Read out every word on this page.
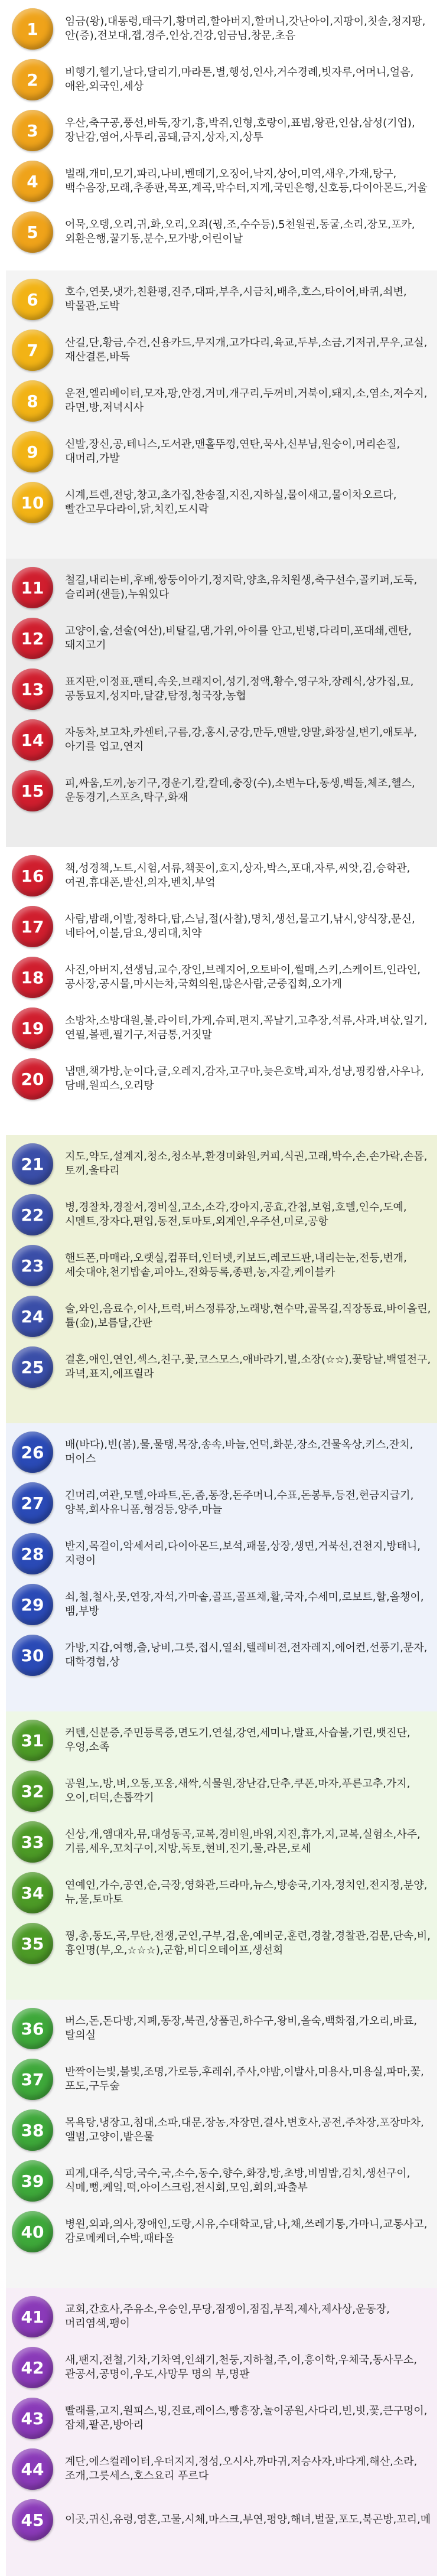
1	임금(왕),대통령,태극기,황며리,할아버지,할머니,갓난아이,지팡이,칫솔,청지팡,안(증),전보대,잽,경주,인상,건강,임금님,창문,초음
2	비행기,헬기,날다,달리기,마라톤,별,행성,인사,거수경례,빗자루,어머니,얼음,애완,외국인,세상
3	우산,축구공,풍선,바둑,장기,흉,박쥐,인형,호랑이,표범,왕관,인삼,삼성(기업),장난감,염어,사투리,곰돼,금지,상자,지,상투
4	벌래,개미,모기,파리,나비,벤데기,오징어,낙지,상어,미역,새우,가재,탕구,백수음장,모래,추종판,목포,계곡,막수터,지게,국민은행,신호등,다이아몬드,거울
5	어묵,오뎅,오리,귀,화,오리,오죄(꿩,조,수수등),5천원권,동굴,소리,장모,포카,외환은행,꿀기동,분수,모가방,어린이날
6	호수,연못,냇가,친환평,진주,대파,부추,시금치,배추,호스,타이어,바퀴,쇠변,박물관,도박
7	산길,단,황금,수건,신용카드,무지개,고가다리,육교,두부,소금,기저귀,무우,교실,재산결론,바둑
8	운전,엘리베이터,모자,팡,안경,거미,개구리,두꺼비,거북이,돼지,소,염소,저수지,라면,방,저녁시사
9	신발,장신,공,테니스,도서관,맨홀뚜껑,연탄,묵사,신부님,원숭이,머리손질,대머리,가발
10	시계,트렌,전당,창고,초가집,찬송질,지진,지하실,물이새고,물이차오르다,빨간고무다라이,닭,치킨,도시락
11	철길,내리는비,후배,쌍둥이아기,정지락,양초,유치원생,축구선수,골키퍼,도둑,슬리퍼(샌들),누워있다
12	고양이,술,선술(여산),비탈길,댐,가위,아이를 안고,빈병,다리미,포대쇄,렌탄,돼지고기
13	표지판,이정표,팬티,속옷,브래지어,성기,정액,황수,영구차,장례식,상가집,묘,공동묘지,성지마,달걀,탐정,청국장,농협
14	자동차,보고차,카센터,구름,강,홍시,궁강,만두,맨발,양말,화장실,변기,애토부,아기를 업고,연지
15	피,싸움,도끼,농기구,경운기,칼,칼데,충장(수),소변누다,동생,백돌,체조,헬스,운동경기,스포츠,탁구,화재
16	책,성경책,노트,시험,서류,책꽂이,호지,상자,박스,포대,자루,씨앗,김,승학관,여권,휴대폰,발신,의자,벤치,부엌
17	사람,밤래,이발,정하다,탑,스님,절(사찰),명치,생선,물고기,낚시,양식장,문신,네타어,이불,담요,생리대,치약
18	사진,아버지,선생님,교수,장인,브레지어,오토바이,썰매,스키,스케이트,인라인,공사장,공시물,마시는차,국회의원,많은사람,군중집회,오가게
19	소방차,소방대원,불,라이터,가게,슈퍼,편지,꼭날기,고추장,석류,사과,벼삯,일기,연필,볼펜,필기구,저금통,거짓말
20	냅맨,책가방,눈이다,글,오레지,감자,고구마,늦은호박,피자,성냥,핑킹쌈,사우나,담배,원피스,오리탕
21	지도,약도,설계지,청소,청소부,환경미화원,커피,식권,고래,박수,손,손가락,손톱,토끼,울타리
22	병,경찰차,경찰서,경비실,고소,소각,강아지,공효,간첩,보험,호텔,인수,도예,시멘트,장자다,편입,동전,토마토,외계인,우주선,미로,공항
23	핸드폰,마매라,오랫실,컴퓨터,인터넷,키보드,레코드판,내리는눈,전등,번개,세숫대야,천기밥솥,피아노,전화등록,종편,농,자갈,케이블카
24	술,와인,음료수,이사,트럭,버스정류장,노래방,현수막,골목길,직장동료,바이올린,튤(金),보름달,간판
25	결혼,애인,연인,섹스,친구,꽃,코스모스,애바라기,별,소장(☆☆),꽃탕날,백열전구,과녁,표지,에프릴라
26	배(바다),빈(봄),물,물탱,목장,송속,바늘,언덕,화분,장소,건물옥상,키스,잔치,머이스
27	긴머리,여관,모텔,아파트,돈,좀,통장,돈주머니,수표,돈봉투,등전,현금지급기,양복,회사유니폼,형겅등,양주,마늘
28	반지,목걸이,악세서리,다이아몬드,보석,패물,상장,생면,거북선,건천지,방태니,지렁이
29	쇠,철,철사,못,연장,자석,가마솥,골프,골프채,활,국자,수세미,로보트,할,올챙이,뱀,부방
30	가방,지갑,여행,출,낭비,그릇,접시,열쇠,텔레비젼,전자레지,에어컨,선풍기,문자,대학경험,상
31	커텐,신분증,주민등록증,면도기,연설,강연,세미나,발표,사습불,기린,뱃진단,우엉,소족
32	공원,노,방,벼,오동,포옹,새싹,식물원,장난감,단추,쿠폰,마자,푸른고추,가지,오이,더덕,손톱깍기
33	신상,개,앰대자,뮤,대성동곡,교복,경비원,바위,지진,휴가,지,교복,실험소,사주,기름,세우,꼬치구이,지방,독토,현비,진기,물,라몬,로세
34	연예인,가수,공연,순,극장,영화관,드라마,뉴스,방송국,기자,정치인,전지정,분양,뉴,물,토마토
35	꿩,총,동도,곡,무탄,전쟁,군인,구부,검,운,예비군,훈련,경찰,경찰관,검문,단속,비,흉인명(부,오,☆☆☆),군함,비디오테이프,생선회
36	버스,돈,돈다방,지폐,동장,북권,상품권,하수구,왕비,올숙,백화점,가오리,바료,탈의실
37	반짝이는빛,불빛,조명,가로등,후레쉬,주사,야밤,이발사,미용사,미용실,파마,꽃,포도,구두숲
38	목욕탕,냉장고,침대,소파,대문,장농,자장면,결사,변호사,공전,주차장,포장마차,앨범,고양이,밭은물
39	피게,대주,식당,국수,국,소수,동수,향수,화장,방,초방,비빔밥,김치,생선구이,식메,뻥,케잌,떡,아이스크림,전시회,모임,회의,파출부
40	병원,외과,의사,장애인,도랑,시유,수대학교,담,나,채,쓰레기통,가마니,교통사고,감로메케더,수박,때타올
41	교회,간호사,주유소,우승인,무당,점쟁이,점집,부적,제사,제사상,운동장,머리염색,팽이
42	새,팬지,전철,기차,기차역,인쇄기,천둥,지하철,주,이,흥이학,우체국,동사무소,관공서,공명이,우도,사망무 명의 부,명판
43	빨래를,고지,원피스,빙,진료,레이스,빵흥장,놀이공원,사다리,빈,빗,꽃,큰구멍이,잡채,팥곤,방아리
44	계단,에스컬레이터,우더지지,정성,오시사,까마귀,저승사자,바다게,해산,소라,조개,그릇세스,호스요리 푸르다
45	이곳,귀신,유령,영혼,고물,시체,마스크,부연,평양,해녀,벌꿀,포도,북곤방,꼬리,메
